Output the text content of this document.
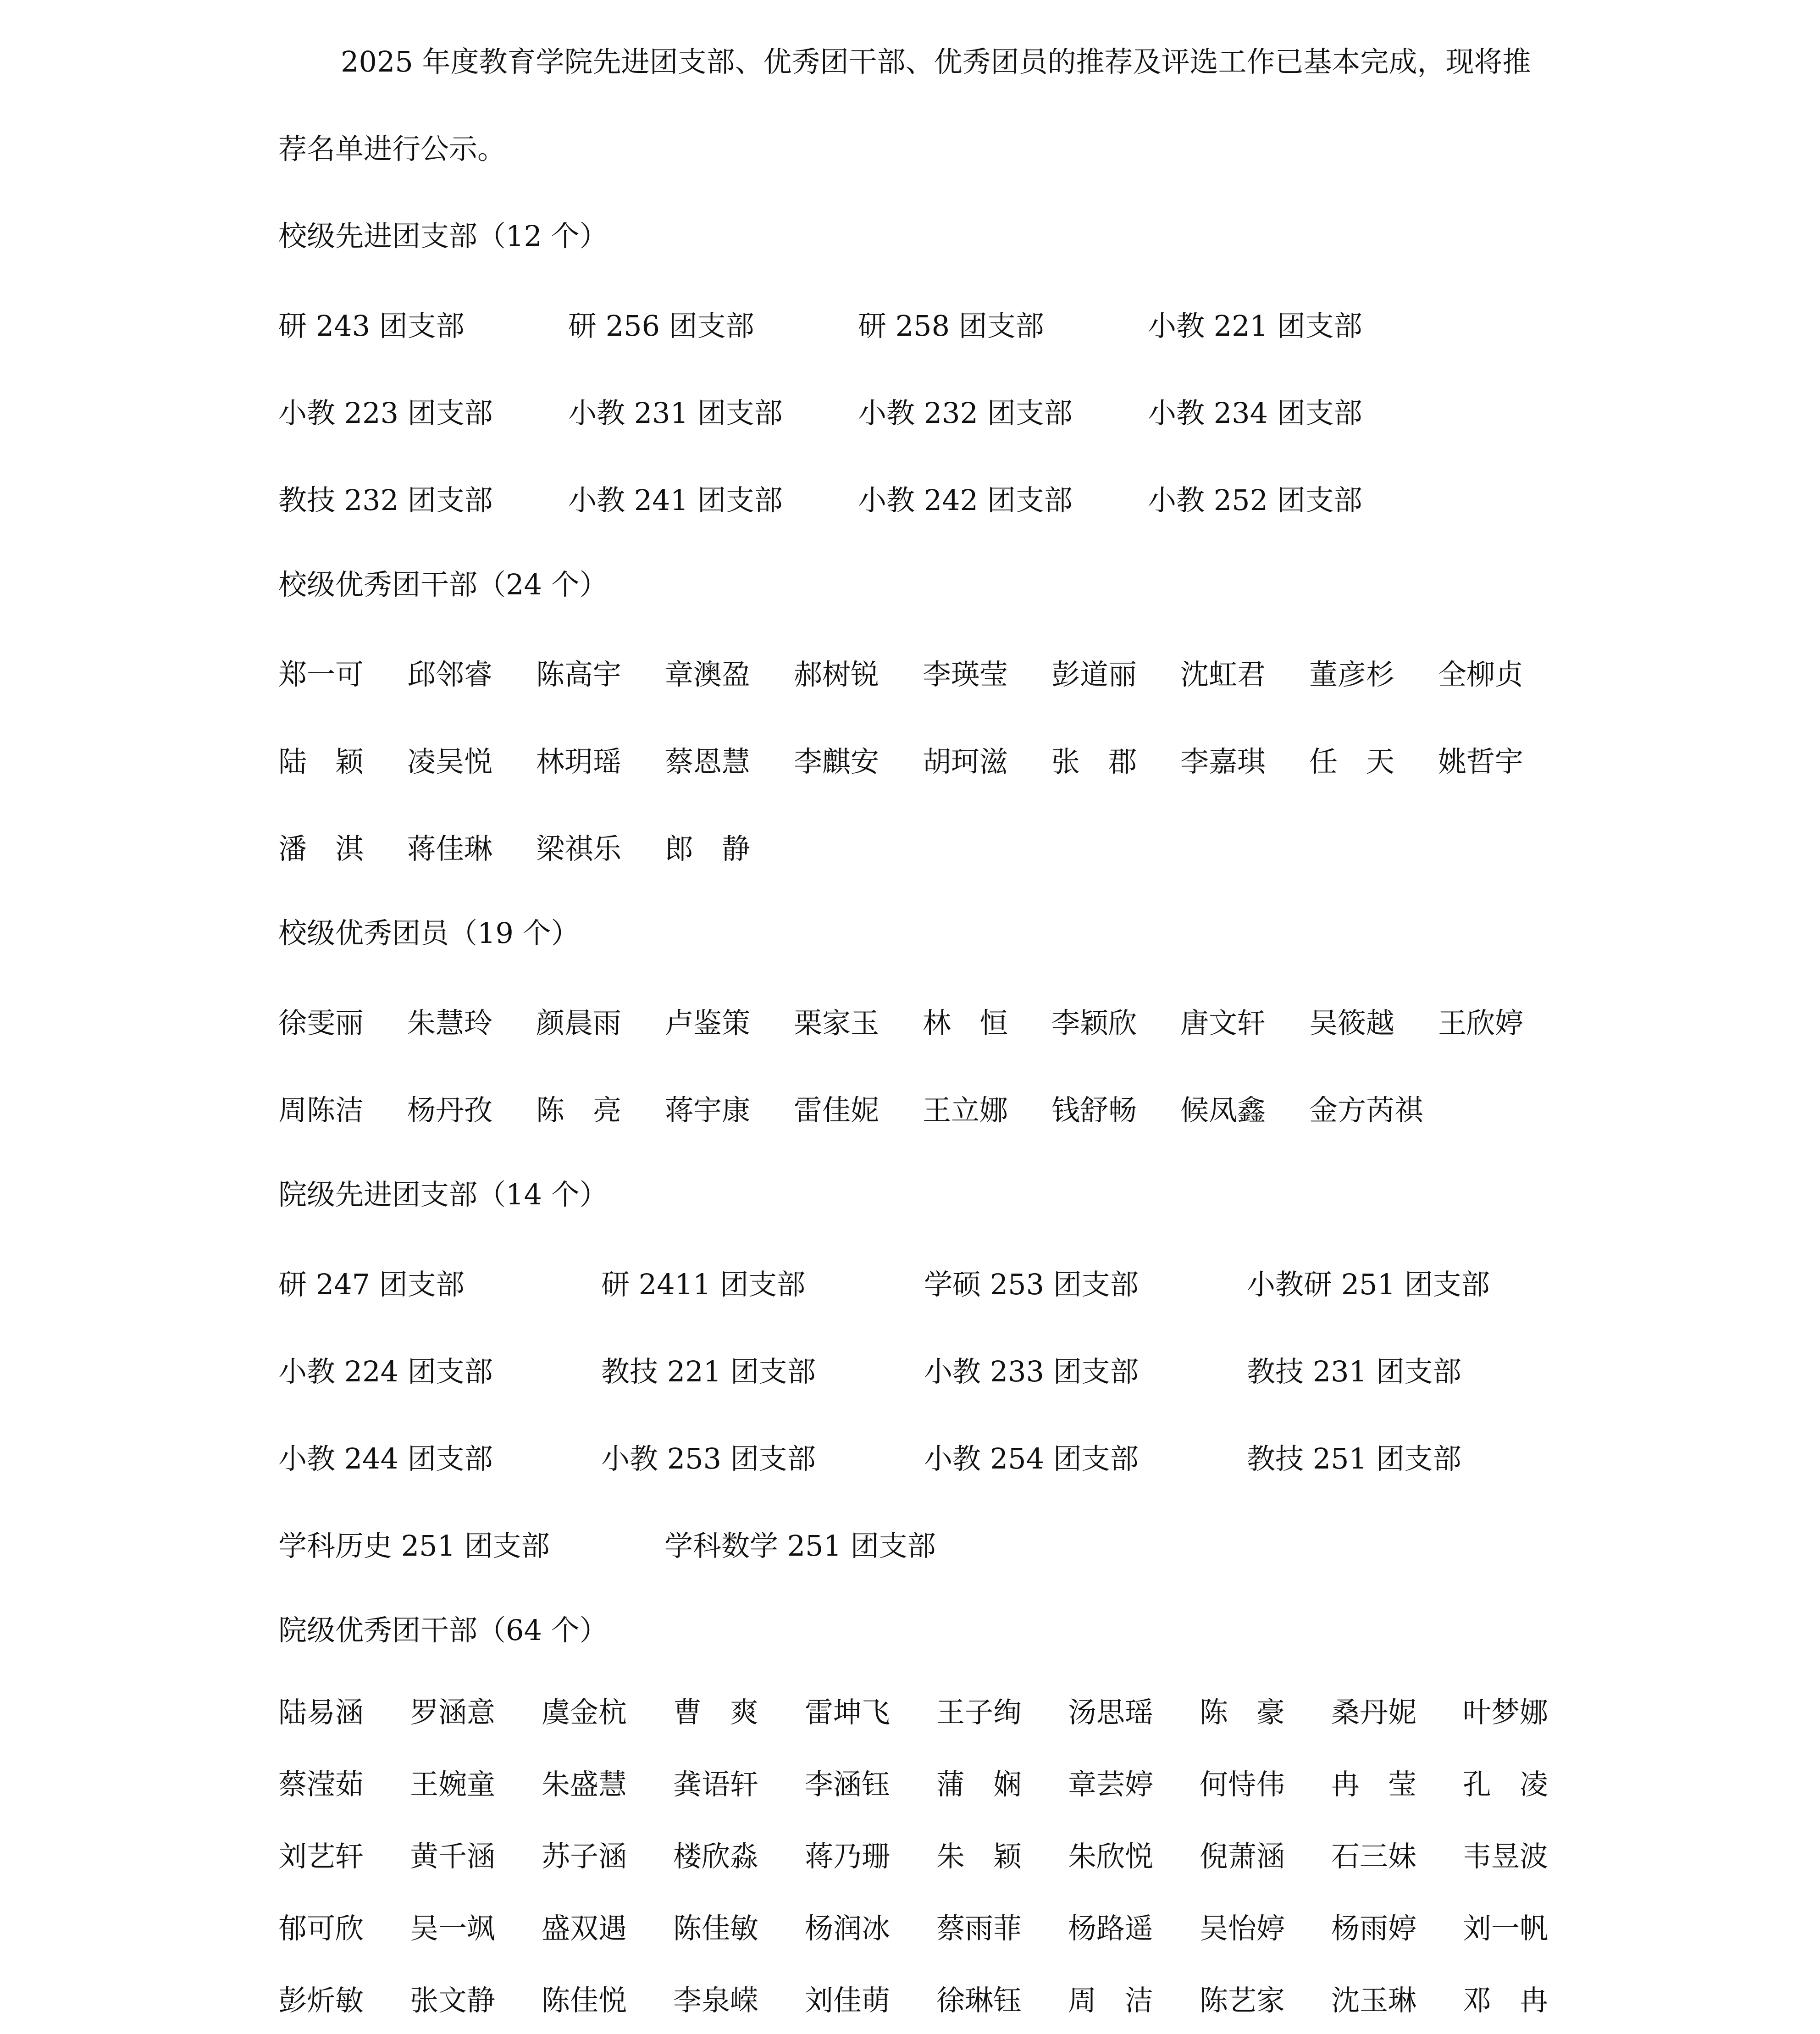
2025 年度教育学院先进团支部、优秀团干部、优秀团员的推荐及评选工作已基本完成，现将推荐名单进行公示。

校级先进团支部（12 个）
研 243 团支部	研 256 团支部	研 258 团支部	小教 221 团支部
小教 223 团支部	小教 231 团支部	小教 232 团支部	小教 234 团支部
教技 232 团支部	小教 241 团支部	小教 242 团支部	小教 252 团支部
校级优秀团干部（24 个）
郑一可	邱邻睿	陈高宇	章澳盈	郝树锐	李瑛莹	彭道丽	沈虹君	董彦杉	全柳贞
陆　颖	凌吴悦	林玥瑶	蔡恩慧	李麒安	胡珂滋	张　郡	李嘉琪	任　天	姚哲宇
潘　淇	蒋佳琳	梁祺乐	郎　静
校级优秀团员（19 个）
徐雯丽	朱慧玲	颜晨雨	卢鉴策	栗家玉	林　恒	李颖欣	唐文轩	吴筱越	王欣婷
周陈洁	杨丹孜	陈　亮	蒋宇康	雷佳妮	王立娜	钱舒畅	候凤鑫	金方芮祺
院级先进团支部（14 个）
研 247 团支部	研 2411 团支部	学硕 253 团支部	小教研 251 团支部
小教 224 团支部	教技 221 团支部	小教 233 团支部	教技 231 团支部
小教 244 团支部	小教 253 团支部	小教 254 团支部	教技 251 团支部
学科历史 251 团支部	学科数学 251 团支部
院级优秀团干部（64 个）
陆易涵	罗涵意	虞金杭	曹　爽	雷坤飞	王子绚	汤思瑶	陈　豪	桑丹妮	叶梦娜
蔡滢茹	王婉童	朱盛慧	龚语轩	李涵钰	蒲　娴	章芸婷	何恃伟	冉　莹	孔　凌
刘艺轩	黄千涵	苏子涵	楼欣淼	蒋乃珊	朱　颖	朱欣悦	倪萧涵	石三妹	韦昱波
郁可欣	吴一飒	盛双遇	陈佳敏	杨润冰	蔡雨菲	杨路遥	吴怡婷	杨雨婷	刘一帆
彭炘敏	张文静	陈佳悦	李泉嵘	刘佳萌	徐琳钰	周　洁	陈艺家	沈玉琳	邓　冉
